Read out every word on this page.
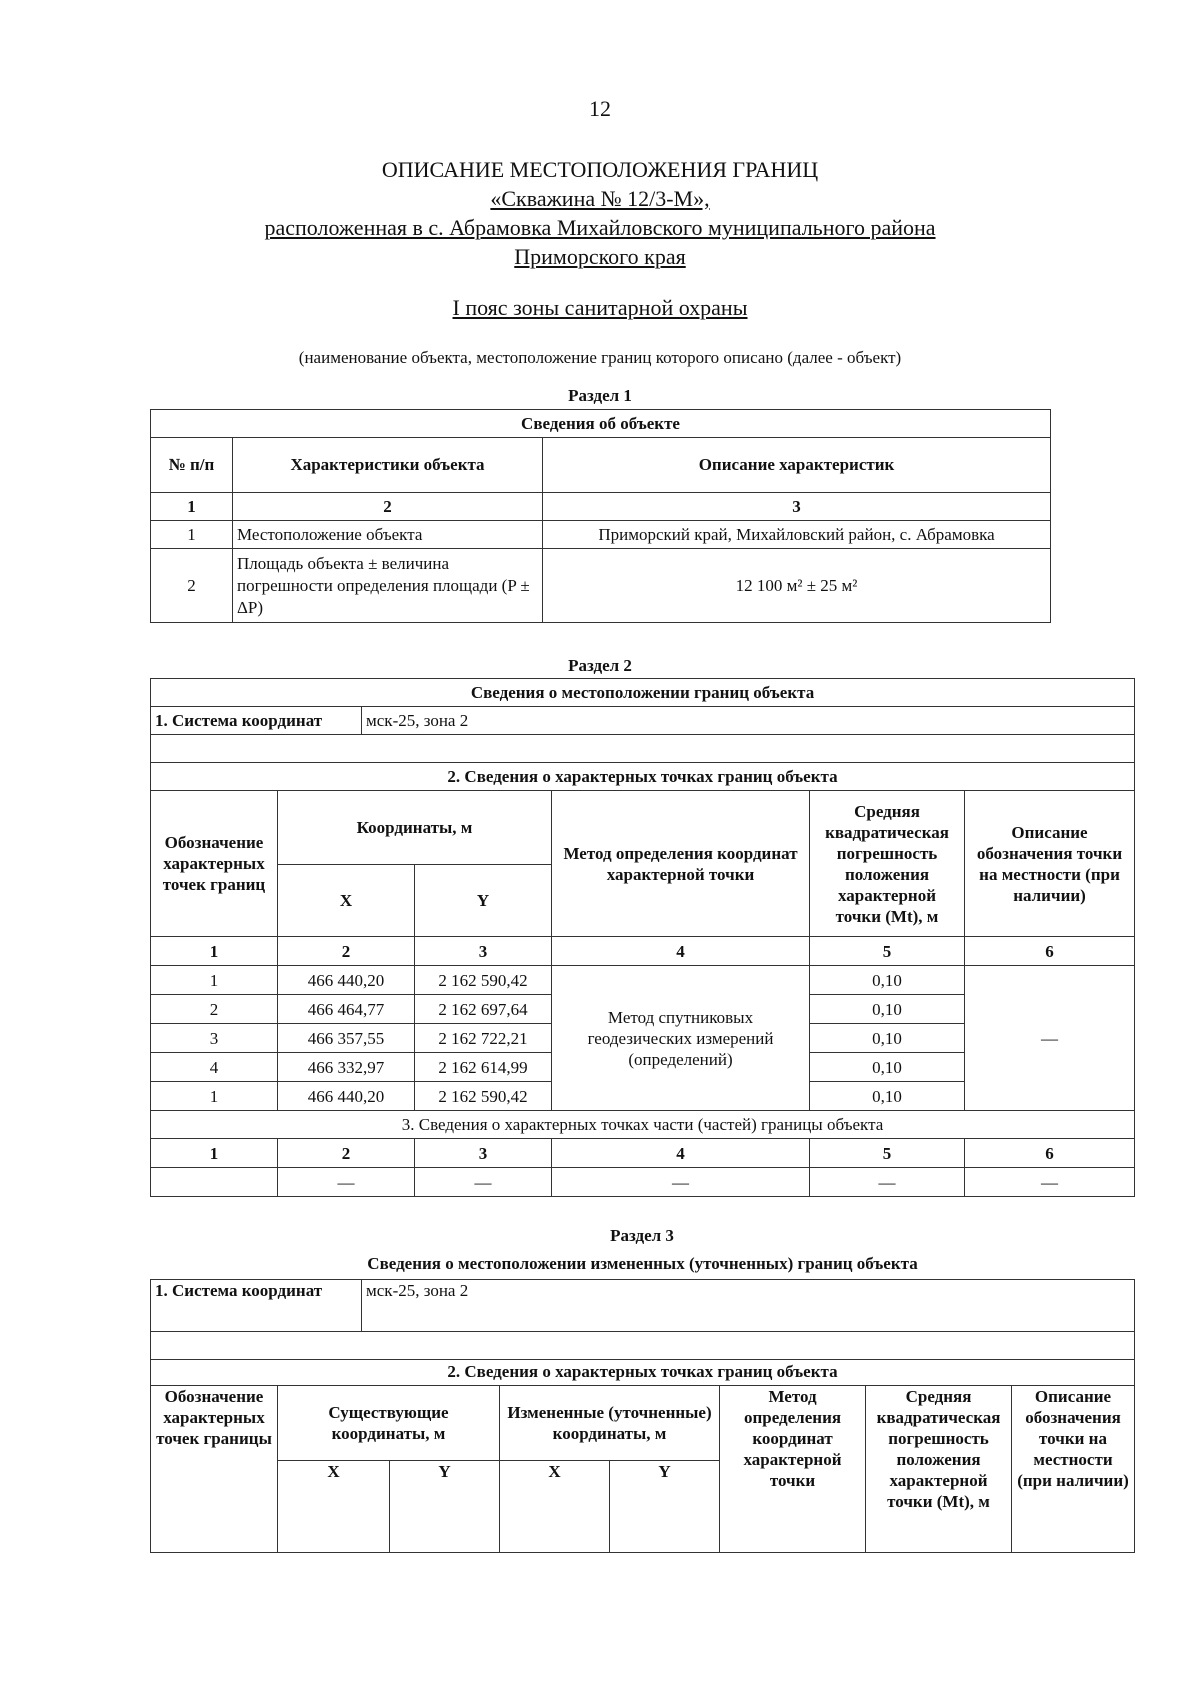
12
ОПИСАНИЕ МЕСТОПОЛОЖЕНИЯ ГРАНИЦ
«Скважина № 12/3-М»,
расположенная в с. Абрамовка Михайловского муниципального района
Приморского края
I пояс зоны санитарной охраны
(наименование объекта, местоположение границ которого описано (далее - объект)
Раздел 1
Сведения об объекте		
№ п/п	Характеристики объекта	Описание характеристик
1	2	3
1	Местоположение объекта	Приморский край, Михайловский район, с. Абрамовка
2	Площадь объекта ± величина погрешности определения площади (P ± ΔP)	12 100 м² ± 25 м²
Раздел 2
Сведения о местоположении границ объекта
1. Система координат	мск-25, зона 2

2. Сведения о характерных точках границ объекта
Обозначение характерных точек границ	Координаты, м		Метод определения координат характерной точки	Средняя квадратическая погрешность положения характерной точки (Mt), м	Описание обозначения точки на местности (при наличии)
	X	Y			
1	2	3	4	5	6
1	466 440,20	2 162 590,42	Метод спутниковых геодезических измерений (определений)	0,10	—
2	466 464,77	2 162 697,64		0,10	
3	466 357,55	2 162 722,21		0,10	
4	466 332,97	2 162 614,99		0,10	
1	466 440,20	2 162 590,42		0,10	
3. Сведения о характерных точках части (частей) границы объекта					
1	2	3	4	5	6
	—	—	—	—	—
Раздел 3
Сведения о местоположении измененных (уточненных) границ объекта
1. Система координат	мск-25, зона 2

2. Сведения о характерных точках границ объекта
Обозначение характерных точек границы	Существующие координаты, м		Измененные (уточненные) координаты, м		Метод определения координат характерной точки	Средняя квадратическая погрешность положения характерной точки (Mt), м	Описание обозначения точки на местности (при наличии)
	X	Y	X	Y			
